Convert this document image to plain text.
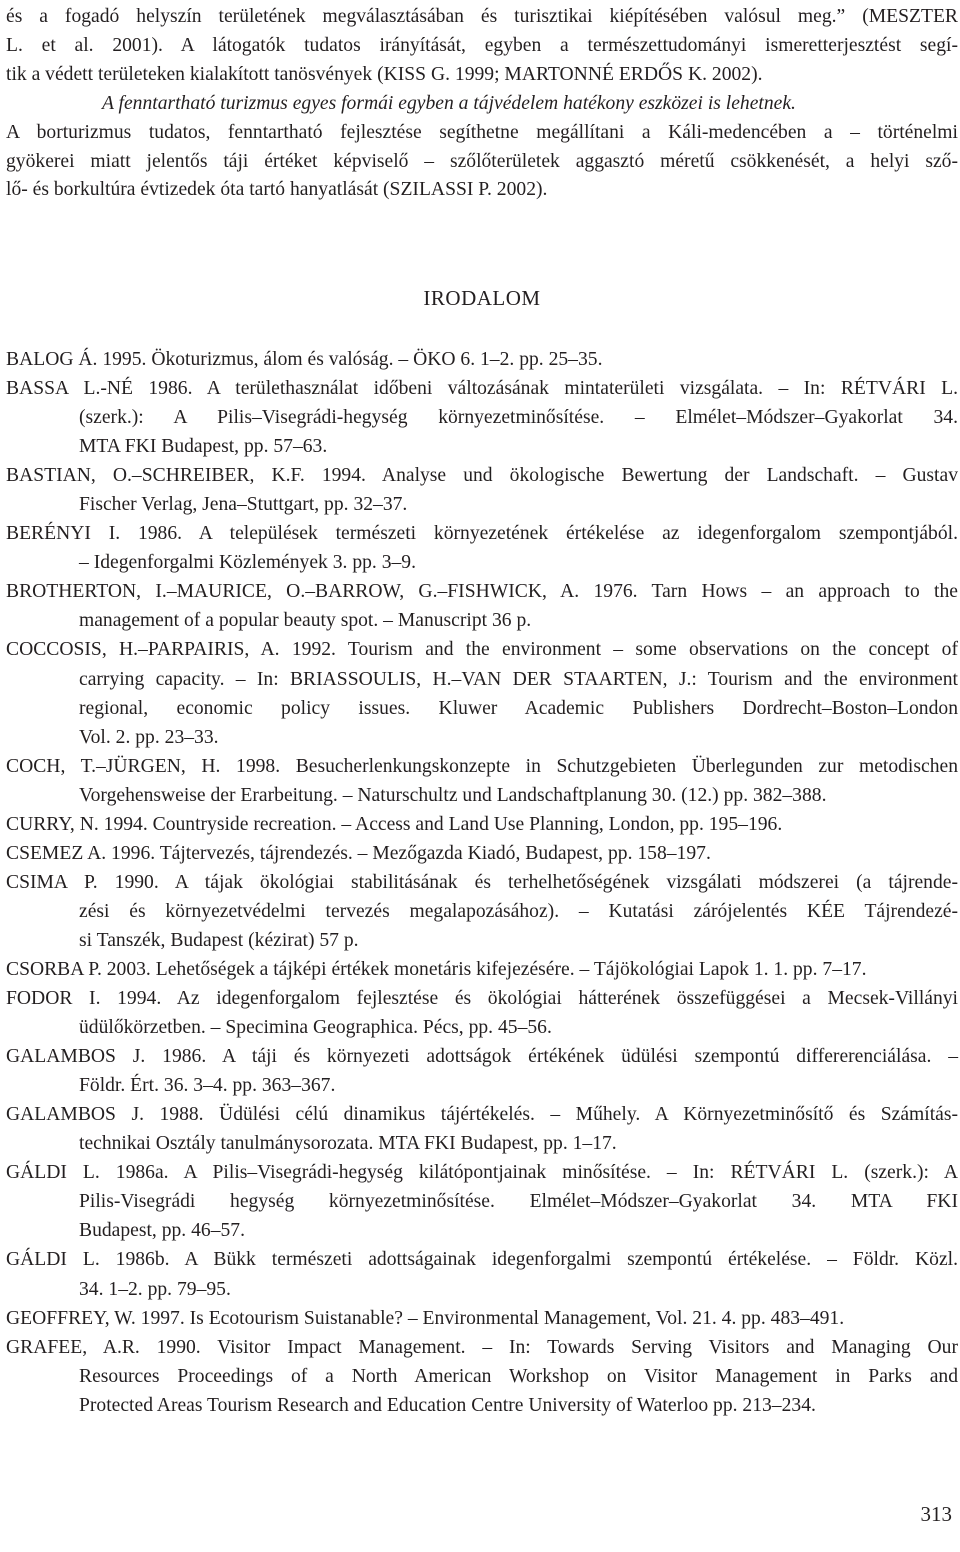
és a fogadó helyszín területének megválasztásában és turisztikai kiépítésében valósul meg.” (MESZTER
L. et al. 2001). A látogatók tudatos irányítását, egyben a természettudományi ismeretterjesztést segí-
tik a védett területeken kialakított tanösvények (KISS G. 1999; MARTONNÉ ERDŐS K. 2002).
A fenntartható turizmus egyes formái egyben a tájvédelem hatékony eszközei is lehetnek.
A borturizmus tudatos, fenntartható fejlesztése segíthetne megállítani a Káli-medencében a – történelmi
gyökerei miatt jelentős táji értéket képviselő – szőlőterületek aggasztó méretű csökkenését, a helyi sző-
lő- és borkultúra évtizedek óta tartó hanyatlását (SZILASSI P. 2002).
IRODALOM

BALOG Á. 1995. Ökoturizmus, álom és valóság. – ÖKO 6. 1–2. pp. 25–35.

BASSA L.-NÉ 1986. A területhasználat időbeni változásának mintaterületi vizsgálata. – In: RÉTVÁRI L.
(szerk.): A Pilis–Visegrádi-hegység környezetminősítése. – Elmélet–Módszer–Gyakorlat 34.
MTA FKI Budapest, pp. 57–63.

BASTIAN, O.–SCHREIBER, K.F. 1994. Analyse und ökologische Bewertung der Landschaft. – Gustav
Fischer Verlag, Jena–Stuttgart, pp. 32–37.

BERÉNYI I. 1986. A települések természeti környezetének értékelése az idegenforgalom szempontjából.
– Idegenforgalmi Közlemények 3. pp. 3–9.

BROTHERTON, I.–MAURICE, O.–BARROW, G.–FISHWICK, A. 1976. Tarn Hows – an approach to the
management of a popular beauty spot. – Manuscript 36 p.

COCCOSIS, H.–PARPAIRIS, A. 1992. Tourism and the environment – some observations on the concept of
carrying capacity. – In: BRIASSOULIS, H.–VAN DER STAARTEN, J.: Tourism and the environment
regional, economic policy issues. Kluwer Academic Publishers Dordrecht–Boston–London
Vol. 2. pp. 23–33.

COCH, T.–JÜRGEN, H. 1998. Besucherlenkungskonzepte in Schutzgebieten Überlegunden zur metodischen
Vorgehensweise der Erarbeitung. – Naturschultz und Landschaftplanung 30. (12.) pp. 382–388.

CURRY, N. 1994. Countryside recreation. – Access and Land Use Planning, London, pp. 195–196.

CSEMEZ A. 1996. Tájtervezés, tájrendezés. – Mezőgazda Kiadó, Budapest, pp. 158–197.

CSIMA P. 1990. A tájak ökológiai stabilitásának és terhelhetőségének vizsgálati módszerei (a tájrende-
zési és környezetvédelmi tervezés megalapozásához). – Kutatási zárójelentés KÉE Tájrendezé-
si Tanszék, Budapest (kézirat) 57 p.

CSORBA P. 2003. Lehetőségek a tájképi értékek monetáris kifejezésére. – Tájökológiai Lapok 1. 1. pp. 7–17.

FODOR I. 1994. Az idegenforgalom fejlesztése és ökológiai hátterének összefüggései a Mecsek-Villányi
üdülőkörzetben. – Specimina Geographica. Pécs, pp. 45–56.

GALAMBOS J. 1986. A táji és környezeti adottságok értékének üdülési szempontú differerenciálása. –
Földr. Ért. 36. 3–4. pp. 363–367.

GALAMBOS J. 1988. Üdülési célú dinamikus tájértékelés. – Műhely. A Környezetminősítő és Számítás-
technikai Osztály tanulmánysorozata. MTA FKI Budapest, pp. 1–17.

GÁLDI L. 1986a. A Pilis–Visegrádi-hegység kilátópontjainak minősítése. – In: RÉTVÁRI L. (szerk.): A
Pilis-Visegrádi hegység környezetminősítése. Elmélet–Módszer–Gyakorlat 34. MTA FKI
Budapest, pp. 46–57.

GÁLDI L. 1986b. A Bükk természeti adottságainak idegenforgalmi szempontú értékelése. – Földr. Közl.
34. 1–2. pp. 79–95.

GEOFFREY, W. 1997. Is Ecotourism Suistanable? – Environmental Management, Vol. 21. 4. pp. 483–491.

GRAFEE, A.R. 1990. Visitor Impact Management. – In: Towards Serving Visitors and Managing Our
Resources Proceedings of a North American Workshop on Visitor Management in Parks and
Protected Areas Tourism Research and Education Centre University of Waterloo pp. 213–234.

313
